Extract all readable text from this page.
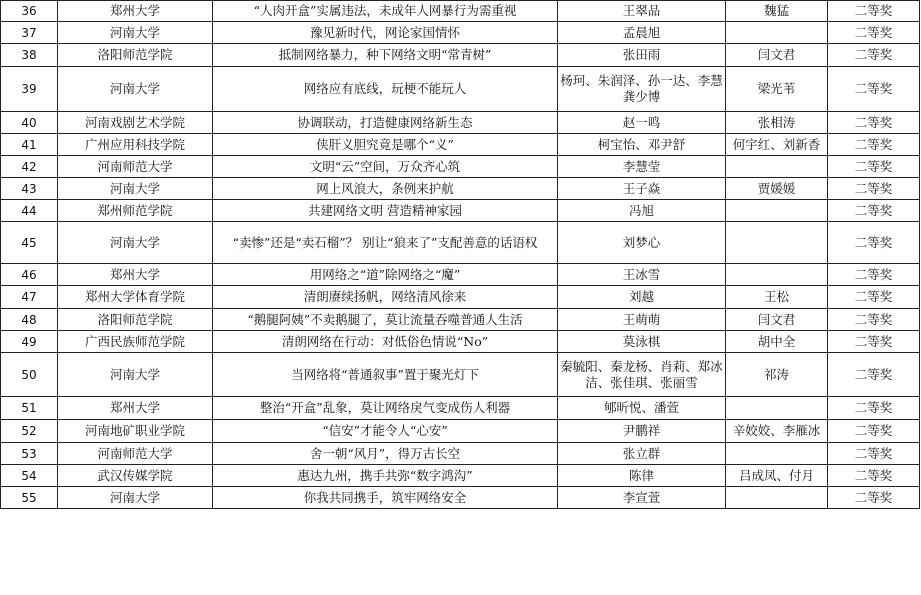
36	郑州大学	“人肉开盒”实属违法，未成年人网暴行为需重视	王翠品	魏猛	二等奖
37	河南大学	豫见新时代，网论家国情怀	孟晨旭		二等奖
38	洛阳师范学院	抵制网络暴力，种下网络文明“常青树”	张田雨	闫文君	二等奖
39	河南大学	网络应有底线，玩梗不能玩人	杨珂、朱润泽、孙一达、李慧龚少博	梁光苇	二等奖
40	河南戏剧艺术学院	协调联动，打造健康网络新生态	赵一鸣	张相涛	二等奖
41	广州应用科技学院	侠肝义胆究竟是哪个“义”	柯宝怡、邓尹舒	何宇红、刘新香	二等奖
42	河南师范大学	文明“云”空间，万众齐心筑	李慧莹		二等奖
43	河南大学	网上风浪大，条例来护航	王子焱	贾媛媛	二等奖
44	郑州师范学院	共建网络文明 营造精神家园	冯旭		二等奖
45	河南大学	“卖惨”还是“卖石榴”？ 别让“狼来了”支配善意的话语权	刘梦心		二等奖
46	郑州大学	用网络之“道”除网络之“魔”	王冰雪		二等奖
47	郑州大学体育学院	清朗赓续扬帆，网络清风徐来	刘越	王松	二等奖
48	洛阳师范学院	“鹅腿阿姨”不卖鹅腿了，莫让流量吞噬普通人生活	王萌萌	闫文君	二等奖
49	广西民族师范学院	清朗网络在行动：对低俗色情说“No”	莫泳棋	胡中全	二等奖
50	河南大学	当网络将“普通叙事”置于聚光灯下	秦毓阳、秦龙杨、肖莉、郑冰洁、张佳琪、张丽雪	祁涛	二等奖
51	郑州大学	整治“开盒”乱象，莫让网络戾气变成伤人利器	郇昕悦、潘萱		二等奖
52	河南地矿职业学院	“信安”才能令人“心安”	尹鹏祥	辛姣姣、李雁冰	二等奖
53	河南师范大学	舍一朝“风月”，得万古长空	张立群		二等奖
54	武汉传媒学院	惠达九州，携手共弥“数字鸿沟”	陈律	吕成凤、付月	二等奖
55	河南大学	你我共同携手，筑牢网络安全	李宣萱		二等奖
